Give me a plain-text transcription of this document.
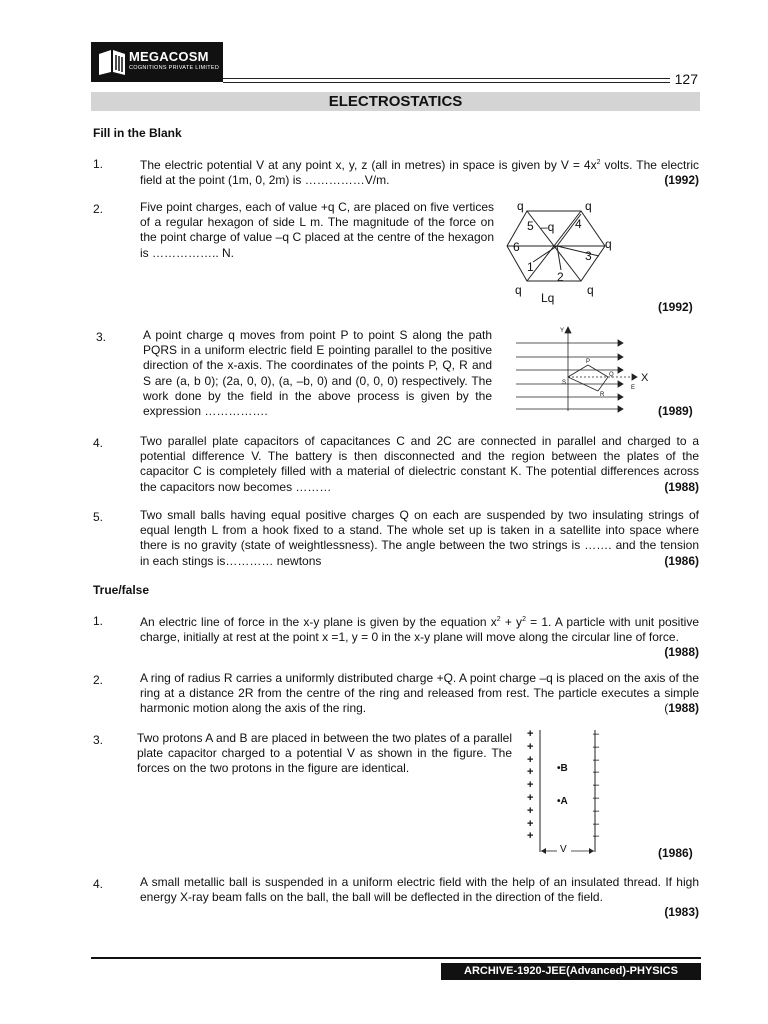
MEGACOSM
COGNITIONS PRIVATE LIMITED
127
ELECTROSTATICS
Fill in the Blank
1.	The electric potential V at any point x, y, z (all in metres) in space is given by $V = 4x^2$ volts. The electric field at the point (1m, 0, 2m) is ……………V/m.	(1992)
2.	Five point charges, each of value +q C, are placed on five vertices of a regular hexagon of side L m. The magnitude of the force on the point charge of value –q C placed at the centre of the hexagon is …………….. N.
q	q
q
q	q
5	4
6
3
1
2
–q
Lq
(1992)
3.	A point charge q moves from point P to point S along the path PQRS in a uniform electric field E pointing parallel to the positive direction of the x-axis. The coordinates of the points P, Q, R and S are (a, b 0); (2a, 0, 0), (a, –b, 0) and (0, 0, 0) respectively. The work done by the field in the above process is given by the expression …………….
Y
X
E
P
Q
R
S
(1989)
4.	Two parallel plate capacitors of capacitances C and 2C are connected in parallel and charged to a potential difference V. The battery is then disconnected and the region between the plates of the capacitor C is completely filled with a material of dielectric constant K. The potential differences across the capacitors now becomes ………	(1988)
5.	Two small balls having equal positive charges Q on each are suspended by two insulating strings of equal length L from a hook fixed to a stand. The whole set up is taken in a satellite into space where there is no gravity (state of weightlessness). The angle between the two strings is ……. and the tension in each stings is………… newtons	(1986)
True/false
1.	An electric line of force in the x-y plane is given by the equation $x^2 + y^2 = 1$. A particle with unit positive charge, initially at rest at the point x =1, y = 0 in the x-y plane will move along the circular line of force.

(1988)
2.	A ring of radius R carries a uniformly distributed charge +Q. A point charge –q is placed on the axis of the ring at a distance 2R from the centre of the ring and released from rest. The particle executes a simple harmonic motion along the axis of the ring.	(1988)
3.	Two protons A and B are placed in between the two plates of a parallel plate capacitor charged to a potential V as shown in the figure. The forces on the two protons in the figure are identical.
+
+
+
+
+
+
+
+
+
–
–
–
–
–
–
–
–
–
•B
•A
V	(1986)
4.	A small metallic ball is suspended in a uniform electric field with the help of an insulated thread. If high energy X-ray beam falls on the ball, the ball will be deflected in the direction of the field.

(1983)
ARCHIVE-1920-JEE(Advanced)-PHYSICS
